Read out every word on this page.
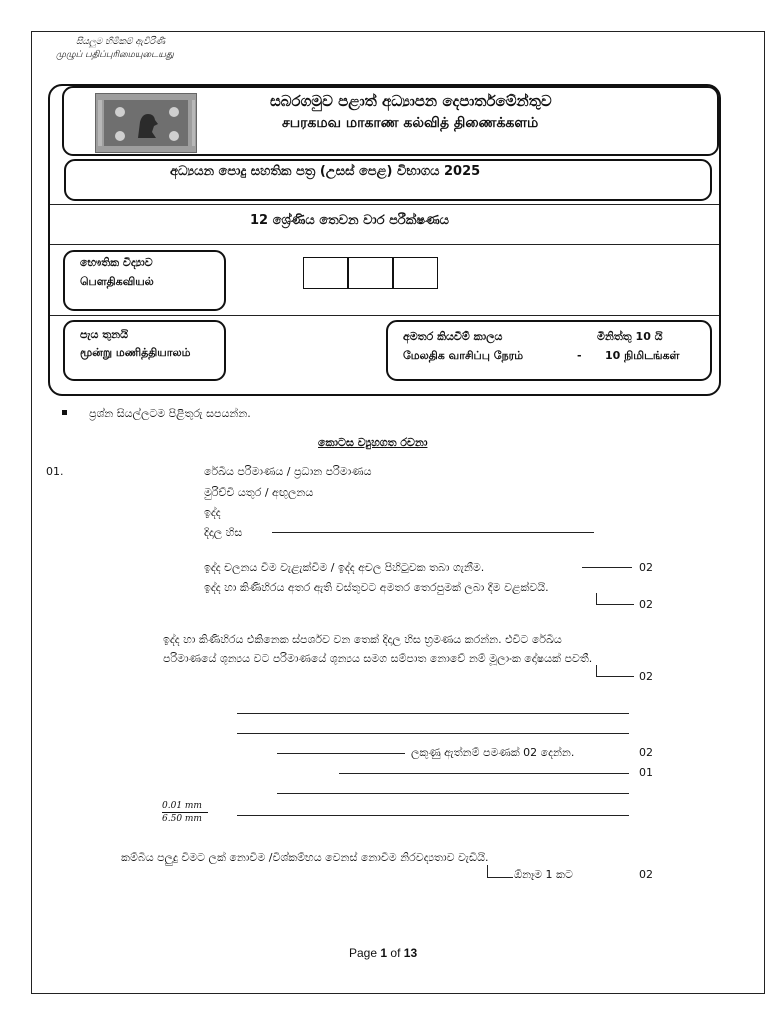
සියලුම හිමිකම් ඇවිරිණි
முழுப் பதிப்புரிமையுடையது
සබරගමුව පළාත් අධ්‍යාපන දෙපාර්තමේන්තුව
சபரகமவ மாகாண கல்வித் திணைக்களம்
අධ්‍යයන පොදු සහතික පත්‍ර (උසස් පෙළ) විභාගය 2025
12 ශ්‍රේණිය තෙවන වාර පරීක්ෂණය
භෞතික විද්‍යාව
பௌதிகவியல்
පැය තුනයි
மூன்று மணித்தியாலம்
අමතර කියවීම් කාලය	මිනිත්තු 10 යි
மேலதிக வாசிப்பு நேரம்	- 10 நிமிடங்கள்
ප්‍රශ්න සියල්ලටම පිළිතුරු සපයන්න.
කොටස ව්‍යුහගත රචනා
01.	රේඛීය පරිමාණය / ප්‍රධාන පරිමාණය
මුරිච්චි යතුර / අඟුලනය
ඉද්ද
දිදාල හිස
ඉද්ද චලනය වීම වැළැක්වීම / ඉද්ද අචල පිහිටුවක තබා ගැනීම.	02
ඉද්ද හා කිණිහිරය අතර ඇති වස්තුවට අමතර තෙරපුමක් ලබා දීම වළක්වයි.
02
ඉද්ද හා කිණිහිරය එකිනෙක ස්පර්ශව වන තෙක් දිදාල හිස භ්‍රමණය කරන්න. එවිට රේඛීය
පරිමාණයේ ශුන්‍යය වට පරිමාණයේ ශුන්‍යය සමග සම්පාත නොවේ නම් මූලාංක දෝෂයක් පවතී.
02
ලකුණු ඇත්නම් පමණක් 02 දෙන්න.	02
01
0.01 mm
6.50 mm
කම්බිය පලුදු වීමට ලක් නොවීම /විශ්කම්භය වෙනස් නොවීම නිරවද්‍යතාව වැඩියි.
ඕනෑම 1 කට	02
Page 1 of 13
